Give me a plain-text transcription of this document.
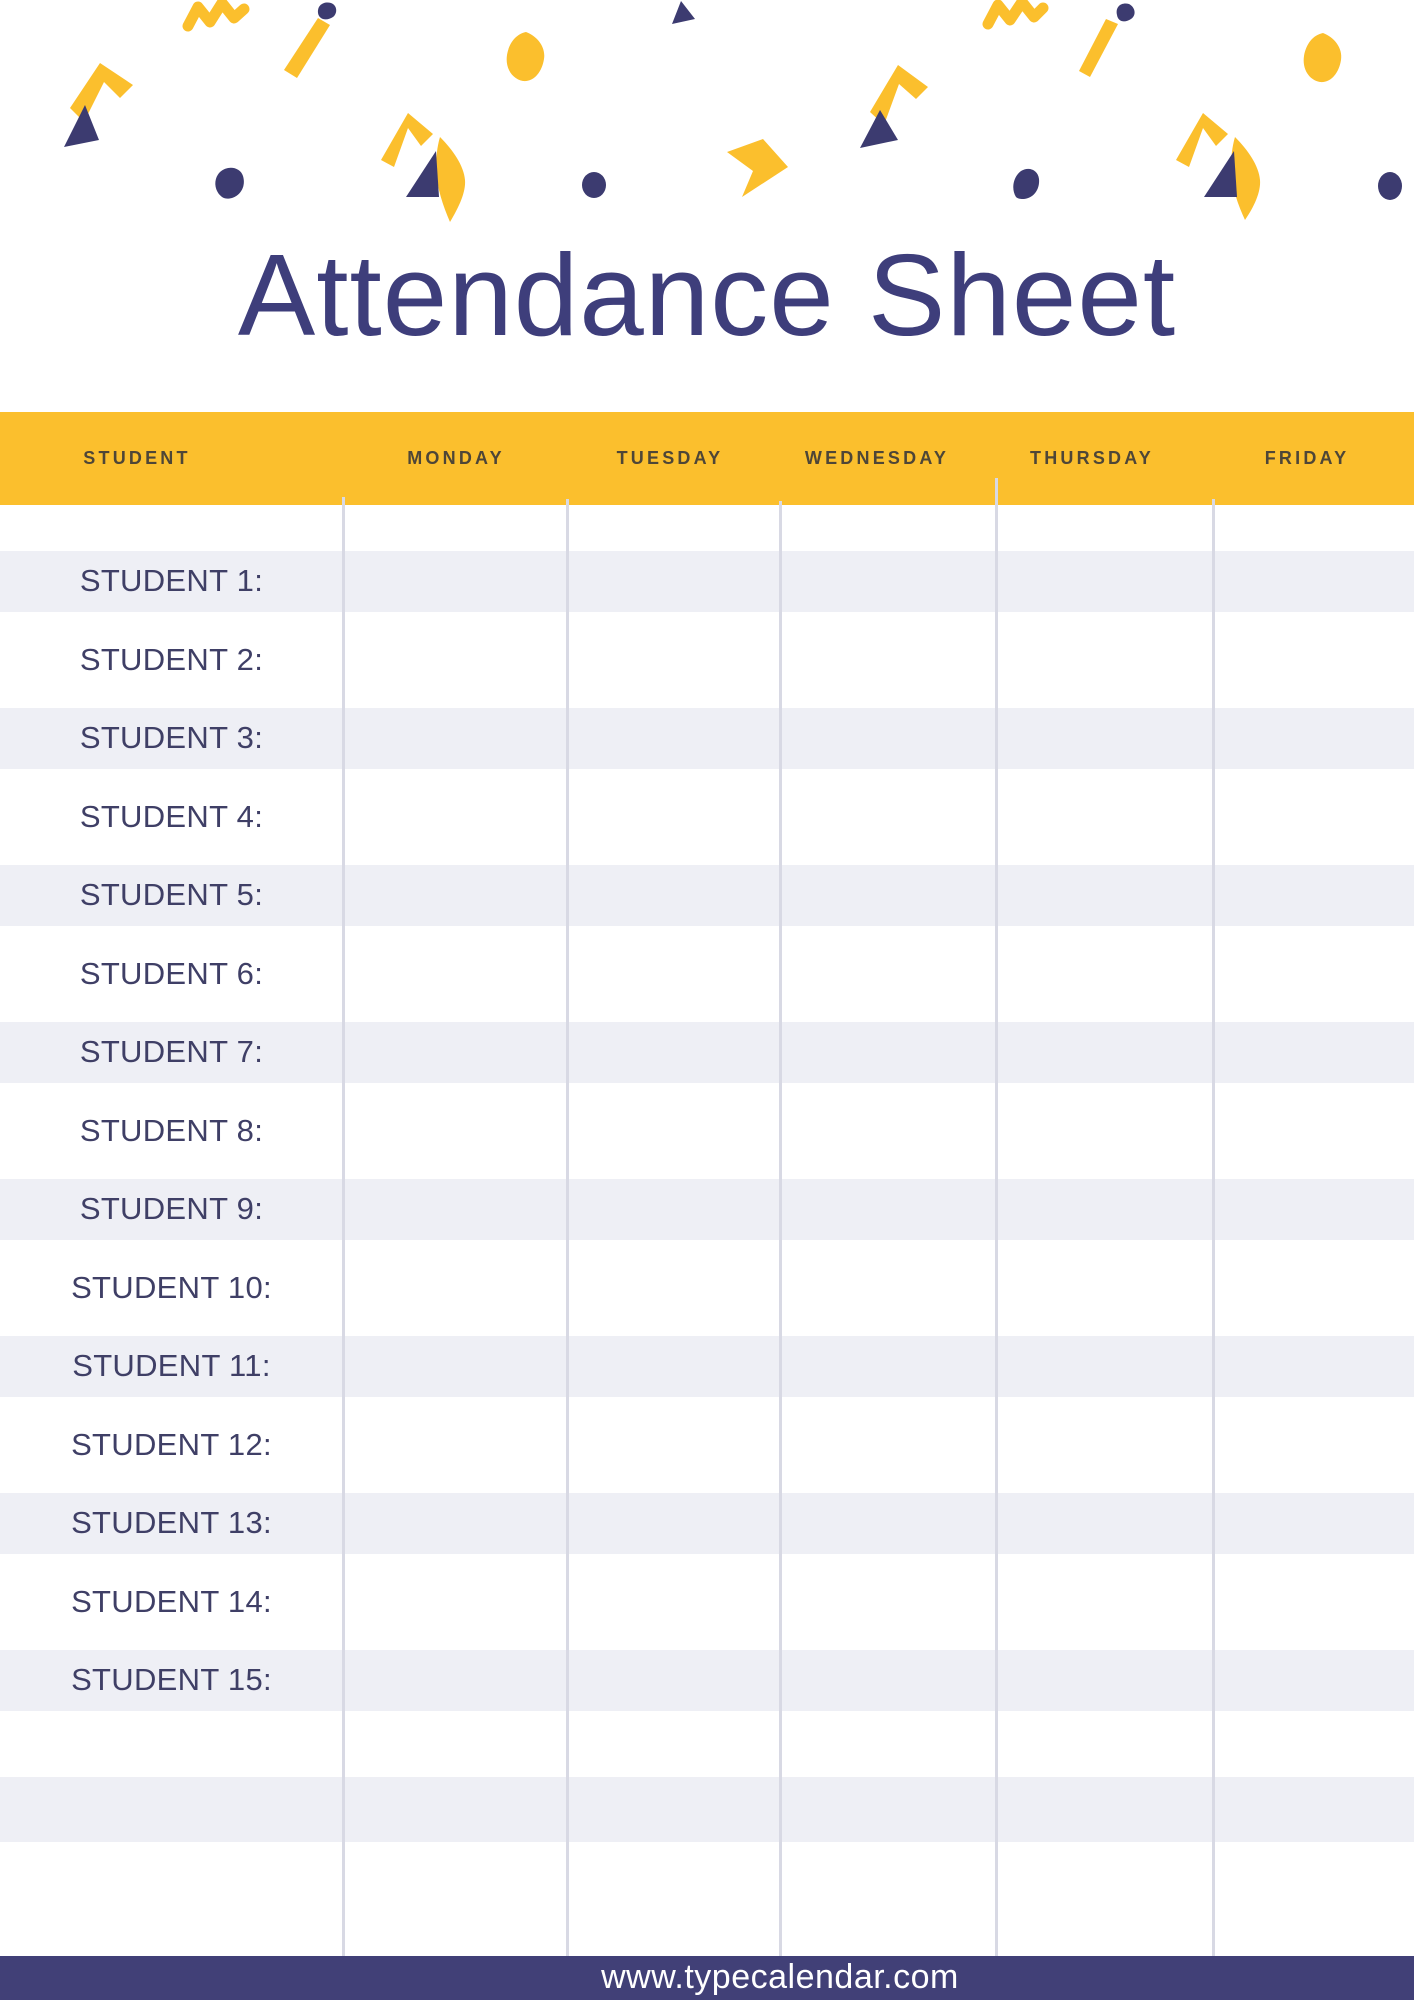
Attendance Sheet
STUDENT	MONDAY	TUESDAY	WEDNESDAY	THURSDAY	FRIDAY
STUDENT 1:
STUDENT 2:
STUDENT 3:
STUDENT 4:
STUDENT 5:
STUDENT 6:
STUDENT 7:
STUDENT 8:
STUDENT 9:
STUDENT 10:
STUDENT 11:
STUDENT 12:
STUDENT 13:
STUDENT 14:
STUDENT 15:
www.typecalendar.com
